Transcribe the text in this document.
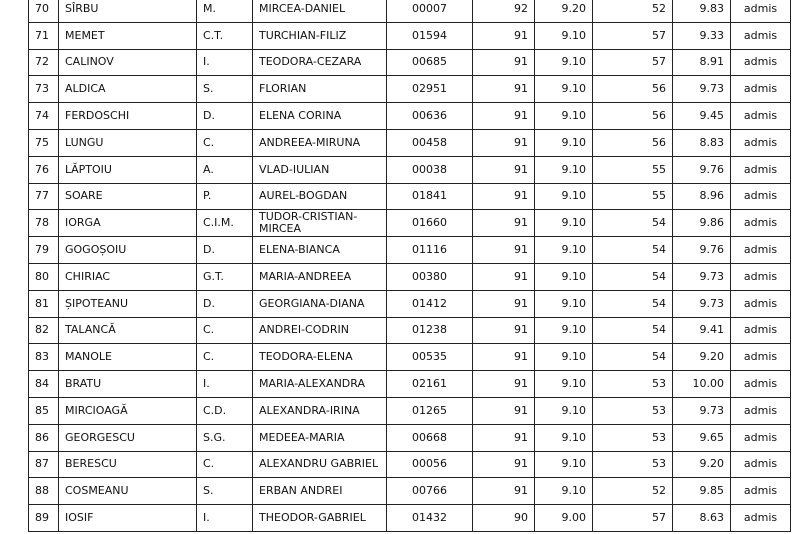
70	SÎRBU	M.	MIRCEA-DANIEL	00007	92	9.20	52	9.83	admis
71	MEMET	C.T.	TURCHIAN-FILIZ	01594	91	9.10	57	9.33	admis
72	CALINOV	I.	TEODORA-CEZARA	00685	91	9.10	57	8.91	admis
73	ALDICA	S.	FLORIAN	02951	91	9.10	56	9.73	admis
74	FERDOSCHI	D.	ELENA CORINA	00636	91	9.10	56	9.45	admis
75	LUNGU	C.	ANDREEA-MIRUNA	00458	91	9.10	56	8.83	admis
76	LĂPTOIU	A.	VLAD-IULIAN	00038	91	9.10	55	9.76	admis
77	SOARE	P.	AUREL-BOGDAN	01841	91	9.10	55	8.96	admis
78	IORGA	C.I.M.	TUDOR-CRISTIAN-MIRCEA	01660	91	9.10	54	9.86	admis
79	GOGOȘOIU	D.	ELENA-BIANCA	01116	91	9.10	54	9.76	admis
80	CHIRIAC	G.T.	MARIA-ANDREEA	00380	91	9.10	54	9.73	admis
81	ȘIPOTEANU	D.	GEORGIANA-DIANA	01412	91	9.10	54	9.73	admis
82	TALANCĂ	C.	ANDREI-CODRIN	01238	91	9.10	54	9.41	admis
83	MANOLE	C.	TEODORA-ELENA	00535	91	9.10	54	9.20	admis
84	BRATU	I.	MARIA-ALEXANDRA	02161	91	9.10	53	10.00	admis
85	MIRCIOAGĂ	C.D.	ALEXANDRA-IRINA	01265	91	9.10	53	9.73	admis
86	GEORGESCU	S.G.	MEDEEA-MARIA	00668	91	9.10	53	9.65	admis
87	BERESCU	C.	ALEXANDRU GABRIEL	00056	91	9.10	53	9.20	admis
88	COSMEANU	S.	ERBAN ANDREI	00766	91	9.10	52	9.85	admis
89	IOSIF	I.	THEODOR-GABRIEL	01432	90	9.00	57	8.63	admis
